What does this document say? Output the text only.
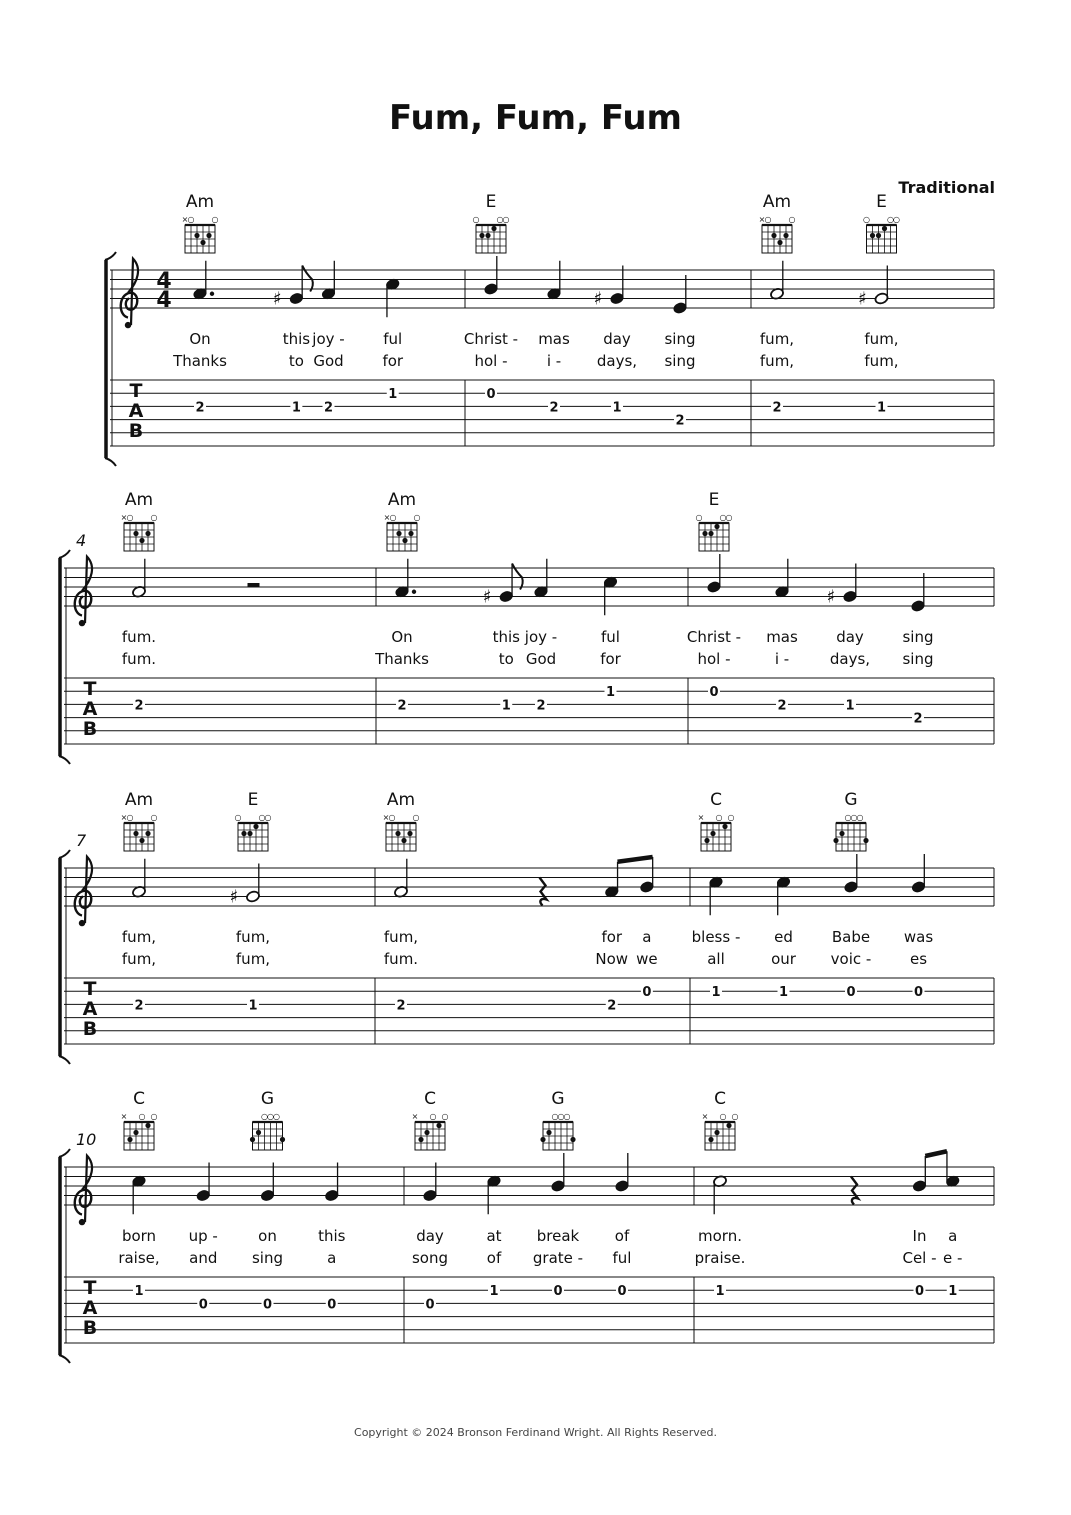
Fum, Fum, Fum
Traditional
4
4
T
A
B
Am
× ○ ○
E
○ ○ ○
Am
× ○ ○
E
○ ○ ○
2
On
Thanks
♯
1
this
to
2
joy -
God
1
ful
for
0
Christ -
hol -
2
mas
i -
♯
1
day
days,
2
sing
sing
2
fum,
fum,
♯
1
fum,
fum,
T
A
B
4
Am
× ○ ○
Am
× ○ ○
E
○ ○ ○
2
fum.
fum.
2
On
Thanks
♯
1
this
to
2
joy -
God
1
ful
for
0
Christ -
hol -
2
mas
i -
♯
1
day
days,
2
sing
sing
T
A
B
7
Am
× ○ ○
E
○ ○ ○
Am
× ○ ○
C
× ○ ○
G
○ ○ ○
2
fum,
fum,
♯
1
fum,
fum,
2
fum,
fum.
2
for
Now
0
a
we
1
bless -
all
1
ed
our
0
Babe
voic -
0
was
es
T
A
B
10
C
× ○ ○
G
○ ○ ○
C
× ○ ○
G
○ ○ ○
C
× ○ ○
1
born
raise,
0
up -
and
0
on
sing
0
this
a
0
day
song
1
at
of
0
break
grate -
0
of
ful
1
morn.
praise.
0
In
Cel -
1
a
e -
Copyright © 2024 Bronson Ferdinand Wright. All Rights Reserved.
